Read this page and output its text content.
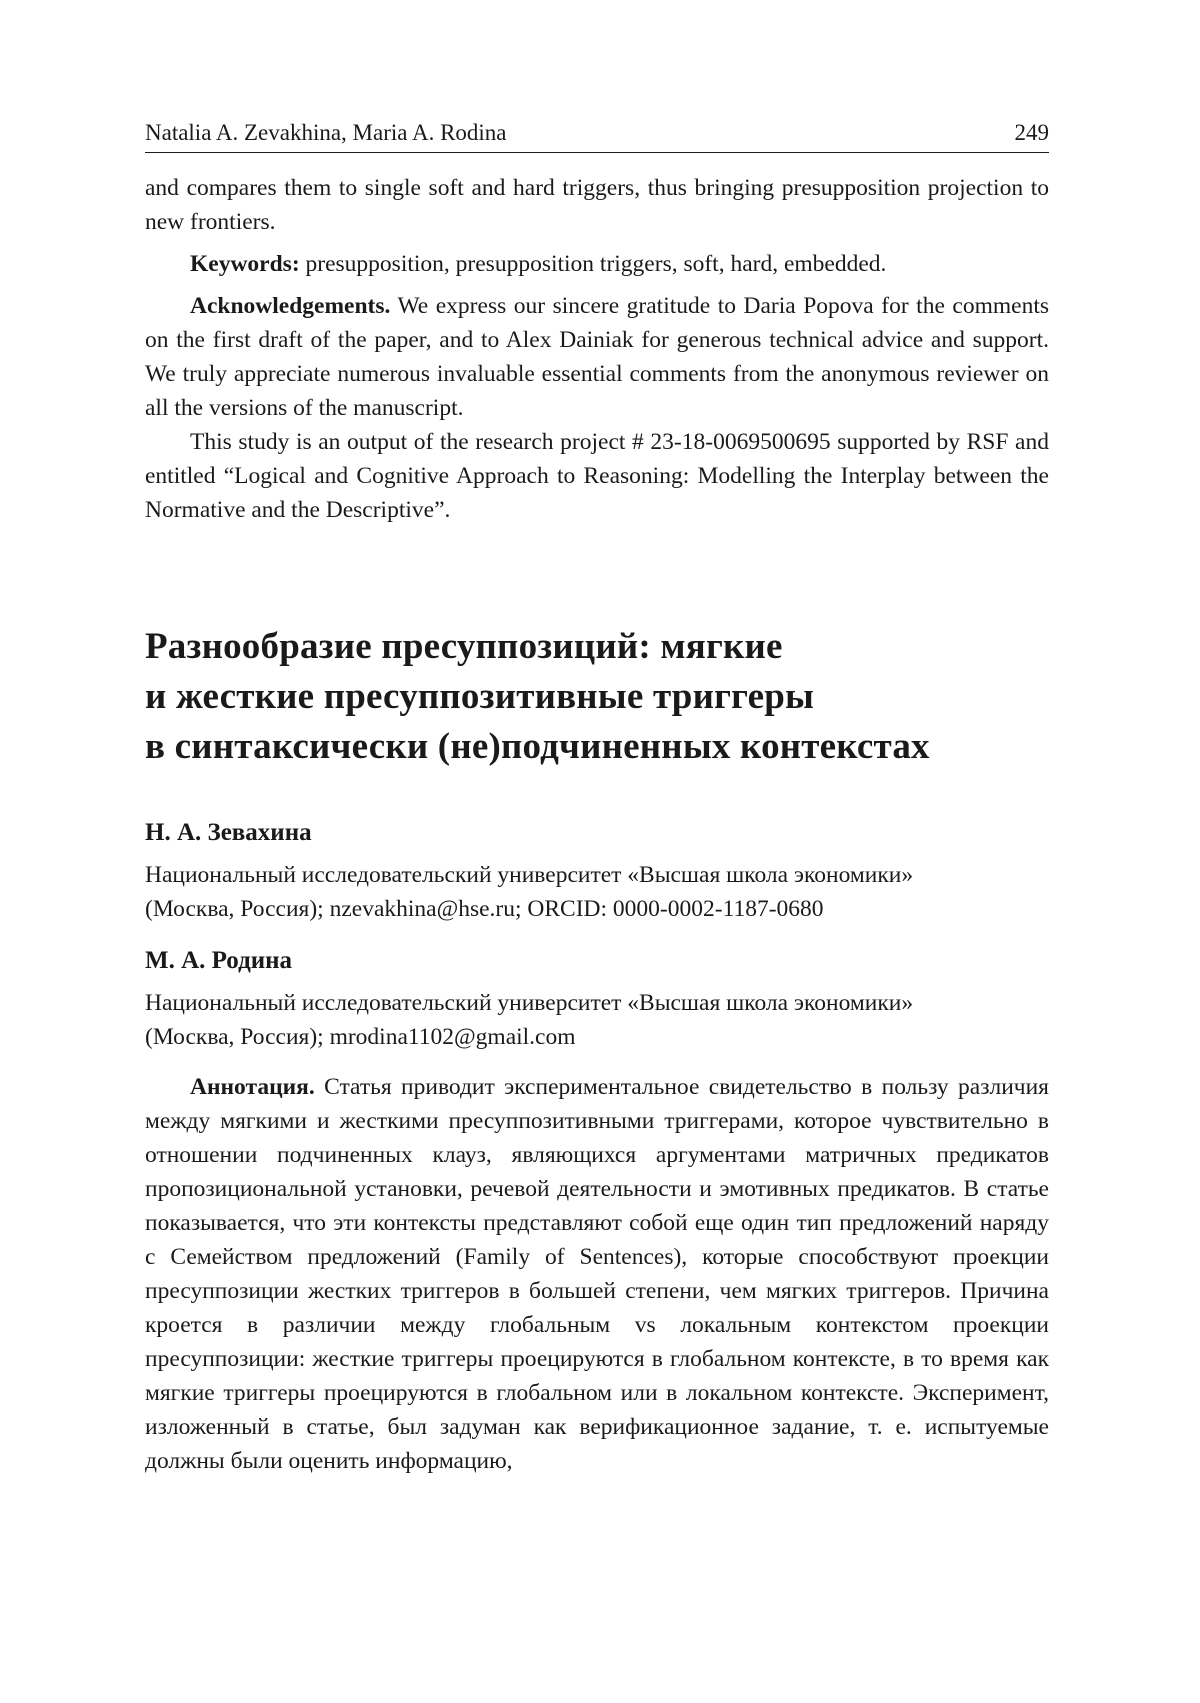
Natalia A. Zevakhina, Maria A. Rodina	249

and compares them to single soft and hard triggers, thus bringing presupposition projection to new frontiers.

Keywords: presupposition, presupposition triggers, soft, hard, embedded.

Acknowledgements. We express our sincere gratitude to Daria Popova for the comments on the first draft of the paper, and to Alex Dainiak for generous technical advice and support. We truly appreciate numerous invaluable essential comments from the anonymous reviewer on all the versions of the manuscript.

This study is an output of the research project # 23-18-0069500695 supported by RSF and entitled “Logical and Cognitive Approach to Reasoning: Modelling the Interplay between the Normative and the Descriptive”.

Разнообразие пресуппозиций: мягкие
и жесткие пресуппозитивные триггеры
в синтаксически (не)подчиненных контекстах

Н. А. Зевахина

Национальный исследовательский университет «Высшая школа экономики»
(Москва, Россия); nzevakhina@hse.ru; ORCID: 0000-0002-1187-0680

М. А. Родина

Национальный исследовательский университет «Высшая школа экономики»
(Москва, Россия); mrodina1102@gmail.com

Аннотация. Статья приводит экспериментальное свидетельство в пользу различия между мягкими и жесткими пресуппозитивными триггерами, которое чувствительно в отношении подчиненных клауз, являющихся аргументами матричных предикатов пропозициональной установки, речевой деятельности и эмотивных предикатов. В статье показывается, что эти контексты представляют собой еще один тип предложений наряду с Семейством предложений (Family of Sentences), которые способствуют проекции пресуппозиции жестких триггеров в большей степени, чем мягких триггеров. Причина кроется в различии между глобальным vs локальным контекстом проекции пресуппозиции: жесткие триггеры проецируются в глобальном контексте, в то время как мягкие триггеры проецируются в глобальном или в локальном контексте. Эксперимент, изложенный в статье, был задуман как верификационное задание, т. е. испытуемые должны были оценить информацию,
